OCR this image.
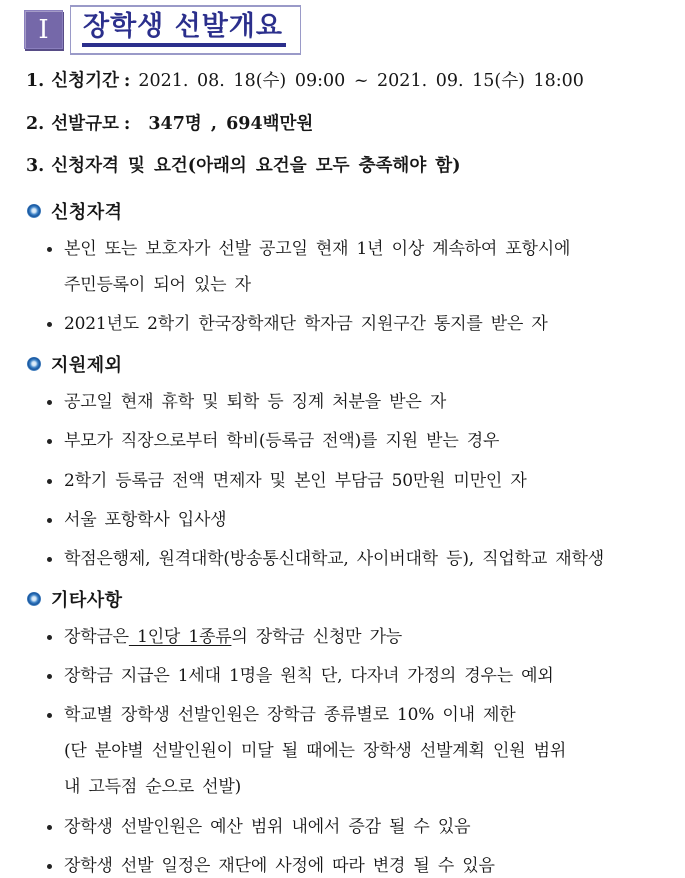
I	장학생 선발개요
1. 신청기간 : 2021. 08. 18(수) 09:00 ~ 2021. 09. 15(수) 18:00
2. 선발규모 : 347명 , 694백만원
3. 신청자격 및 요건(아래의 요건을 모두 충족해야 함)
신청자격
본인 또는 보호자가 선발 공고일 현재 1년 이상 계속하여 포항시에
주민등록이 되어 있는 자
2021년도 2학기 한국장학재단 학자금 지원구간 통지를 받은 자
지원제외
공고일 현재 휴학 및 퇴학 등 징계 처분을 받은 자
부모가 직장으로부터 학비(등록금 전액)를 지원 받는 경우
2학기 등록금 전액 면제자 및 본인 부담금 50만원 미만인 자
서울 포항학사 입사생
학점은행제, 원격대학(방송통신대학교, 사이버대학 등), 직업학교 재학생
기타사항
장학금은 1인당 1종류의 장학금 신청만 가능
장학금 지급은 1세대 1명을 원칙 단, 다자녀 가정의 경우는 예외
학교별 장학생 선발인원은 장학금 종류별로 10% 이내 제한
(단 분야별 선발인원이 미달 될 때에는 장학생 선발계획 인원 범위
내 고득점 순으로 선발)
장학생 선발인원은 예산 범위 내에서 증감 될 수 있음
장학생 선발 일정은 재단에 사정에 따라 변경 될 수 있음
